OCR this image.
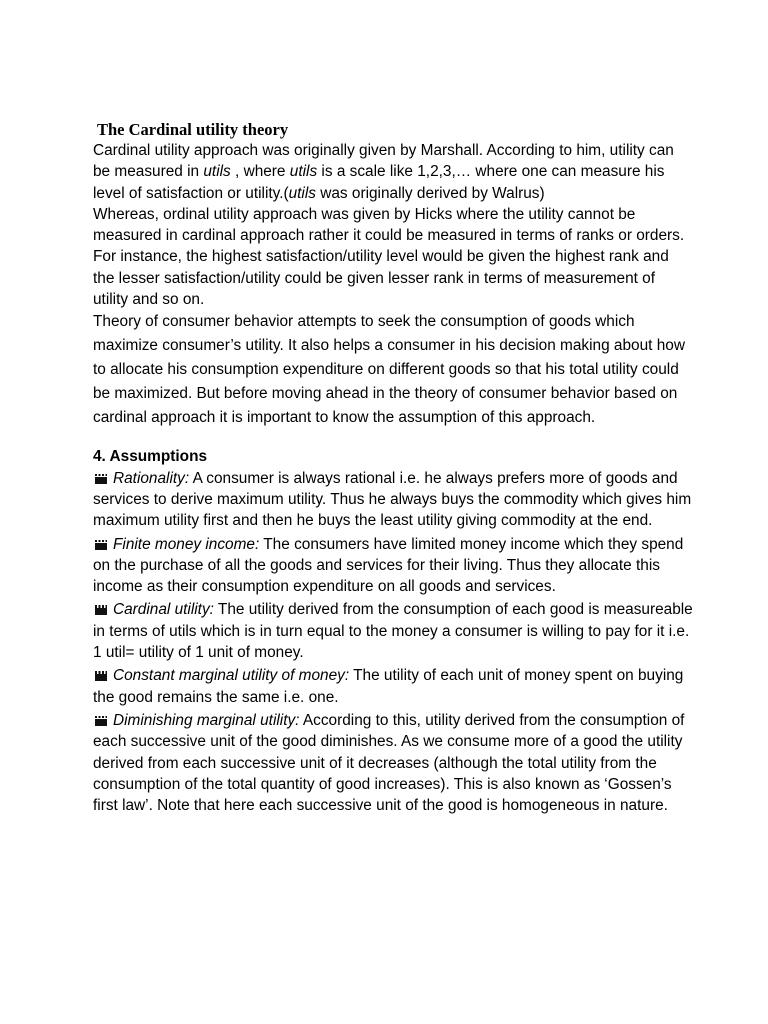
The Cardinal utility theory

Cardinal utility approach was originally given by Marshall. According to him, utility can be measured in utils , where utils is a scale like 1,2,3,… where one can measure his level of satisfaction or utility.(utils was originally derived by Walrus)

Whereas, ordinal utility approach was given by Hicks where the utility cannot be measured in cardinal approach rather it could be measured in terms of ranks or orders. For instance, the highest satisfaction/utility level would be given the highest rank and the lesser satisfaction/utility could be given lesser rank in terms of measurement of utility and so on.

Theory of consumer behavior attempts to seek the consumption of goods which maximize consumer’s utility. It also helps a consumer in his decision making about how to allocate his consumption expenditure on different goods so that his total utility could be maximized. But before moving ahead in the theory of consumer behavior based on cardinal approach it is important to know the assumption of this approach.

4. Assumptions

Rationality: A consumer is always rational i.e. he always prefers more of goods and services to derive maximum utility. Thus he always buys the commodity which gives him maximum utility first and then he buys the least utility giving commodity at the end.

Finite money income: The consumers have limited money income which they spend on the purchase of all the goods and services for their living. Thus they allocate this income as their consumption expenditure on all goods and services.

Cardinal utility: The utility derived from the consumption of each good is measureable in terms of utils which is in turn equal to the money a consumer is willing to pay for it i.e. 1 util= utility of 1 unit of money.

Constant marginal utility of money: The utility of each unit of money spent on buying the good remains the same i.e. one.

Diminishing marginal utility: According to this, utility derived from the consumption of each successive unit of the good diminishes. As we consume more of a good the utility derived from each successive unit of it decreases (although the total utility from the consumption of the total quantity of good increases). This is also known as ‘Gossen’s first law’. Note that here each successive unit of the good is homogeneous in nature.
